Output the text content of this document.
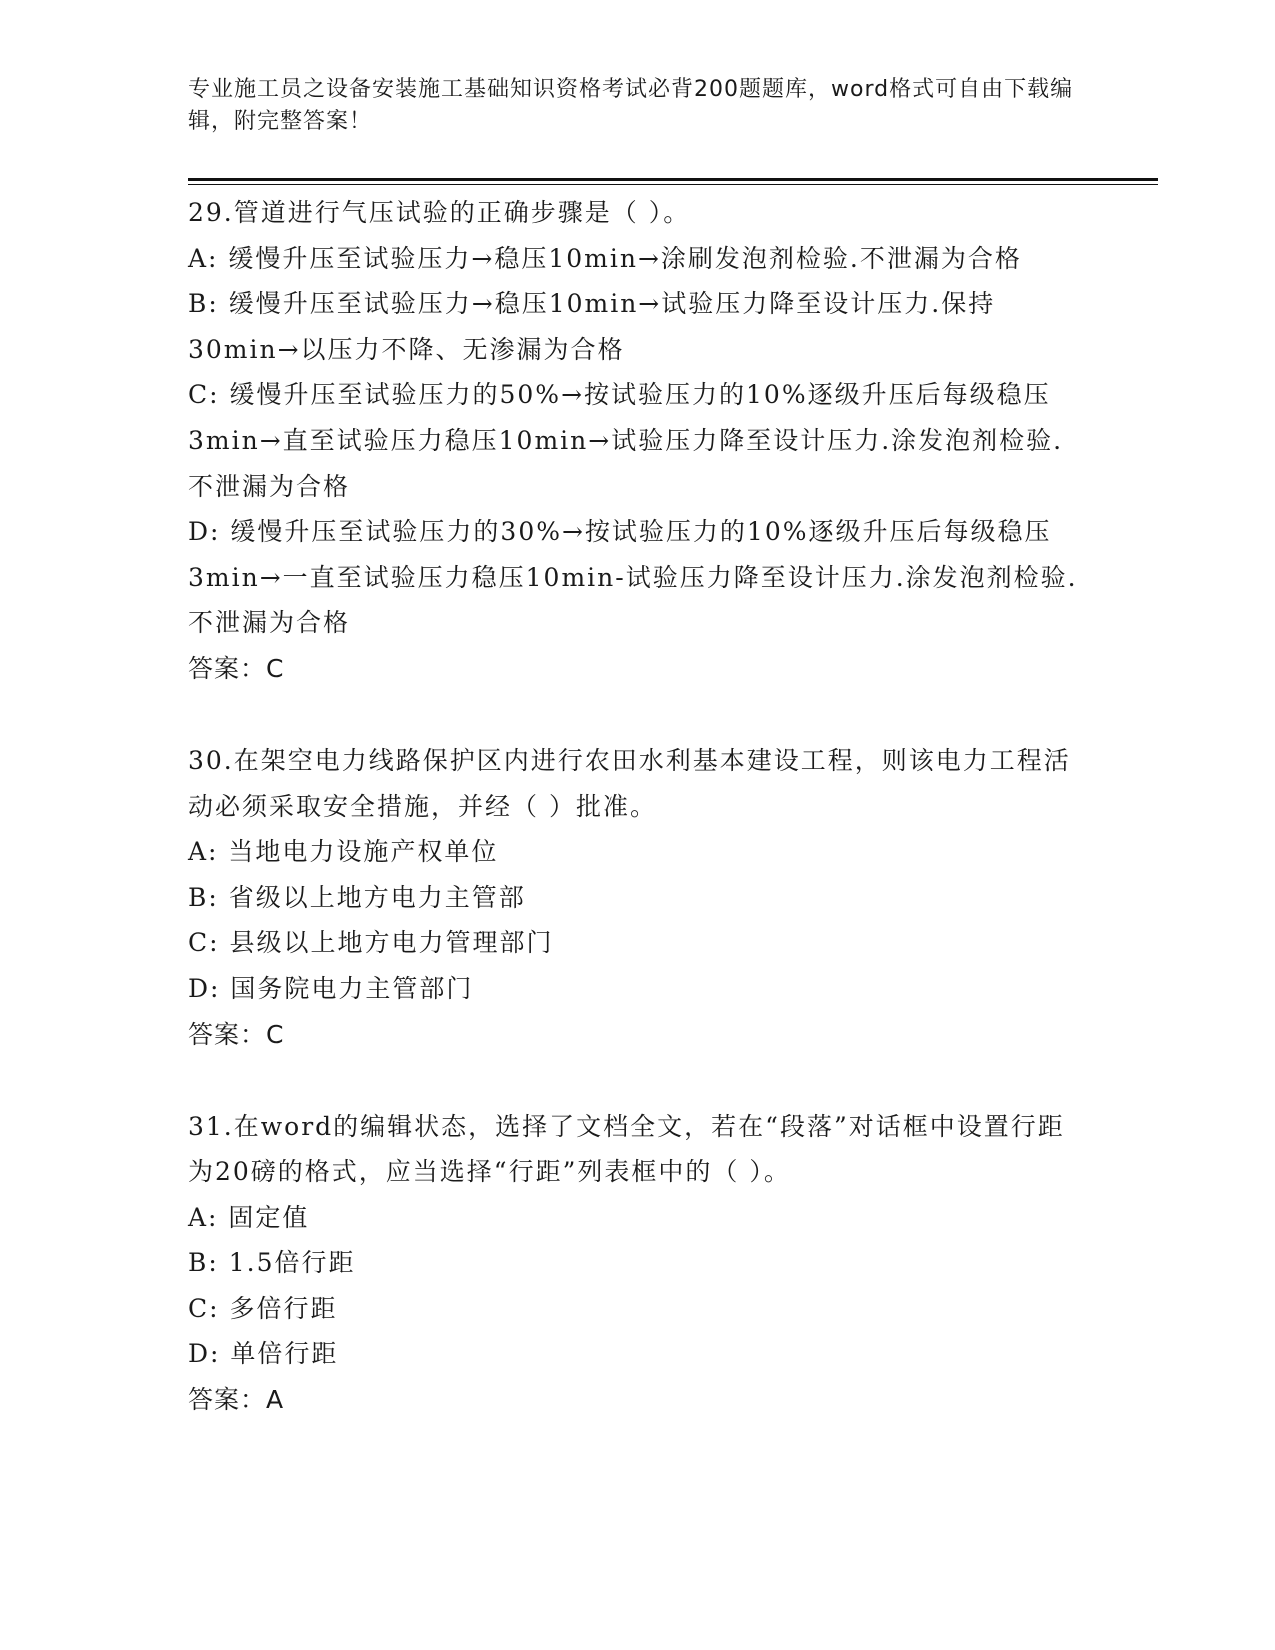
专业施工员之设备安装施工基础知识资格考试必背200题题库，word格式可自由下载编辑，附完整答案！

29.管道进行气压试验的正确步骤是（ ）。

A: 缓慢升压至试验压力→稳压10min→涂刷发泡剂检验.不泄漏为合格

B: 缓慢升压至试验压力→稳压10min→试验压力降至设计压力.保持30min→以压力不降、无渗漏为合格

C: 缓慢升压至试验压力的50%→按试验压力的10%逐级升压后每级稳压3min→直至试验压力稳压10min→试验压力降至设计压力.涂发泡剂检验.不泄漏为合格

D: 缓慢升压至试验压力的30%→按试验压力的10%逐级升压后每级稳压3min→一直至试验压力稳压10min-试验压力降至设计压力.涂发泡剂检验.不泄漏为合格

答案：C

30.在架空电力线路保护区内进行农田水利基本建设工程，则该电力工程活动必须采取安全措施，并经（ ）批准。

A: 当地电力设施产权单位

B: 省级以上地方电力主管部

C: 县级以上地方电力管理部门

D: 国务院电力主管部门

答案：C

31.在word的编辑状态，选择了文档全文，若在“段落”对话框中设置行距为20磅的格式，应当选择“行距”列表框中的（ ）。

A: 固定值

B: 1.5倍行距

C: 多倍行距

D: 单倍行距

答案：A
